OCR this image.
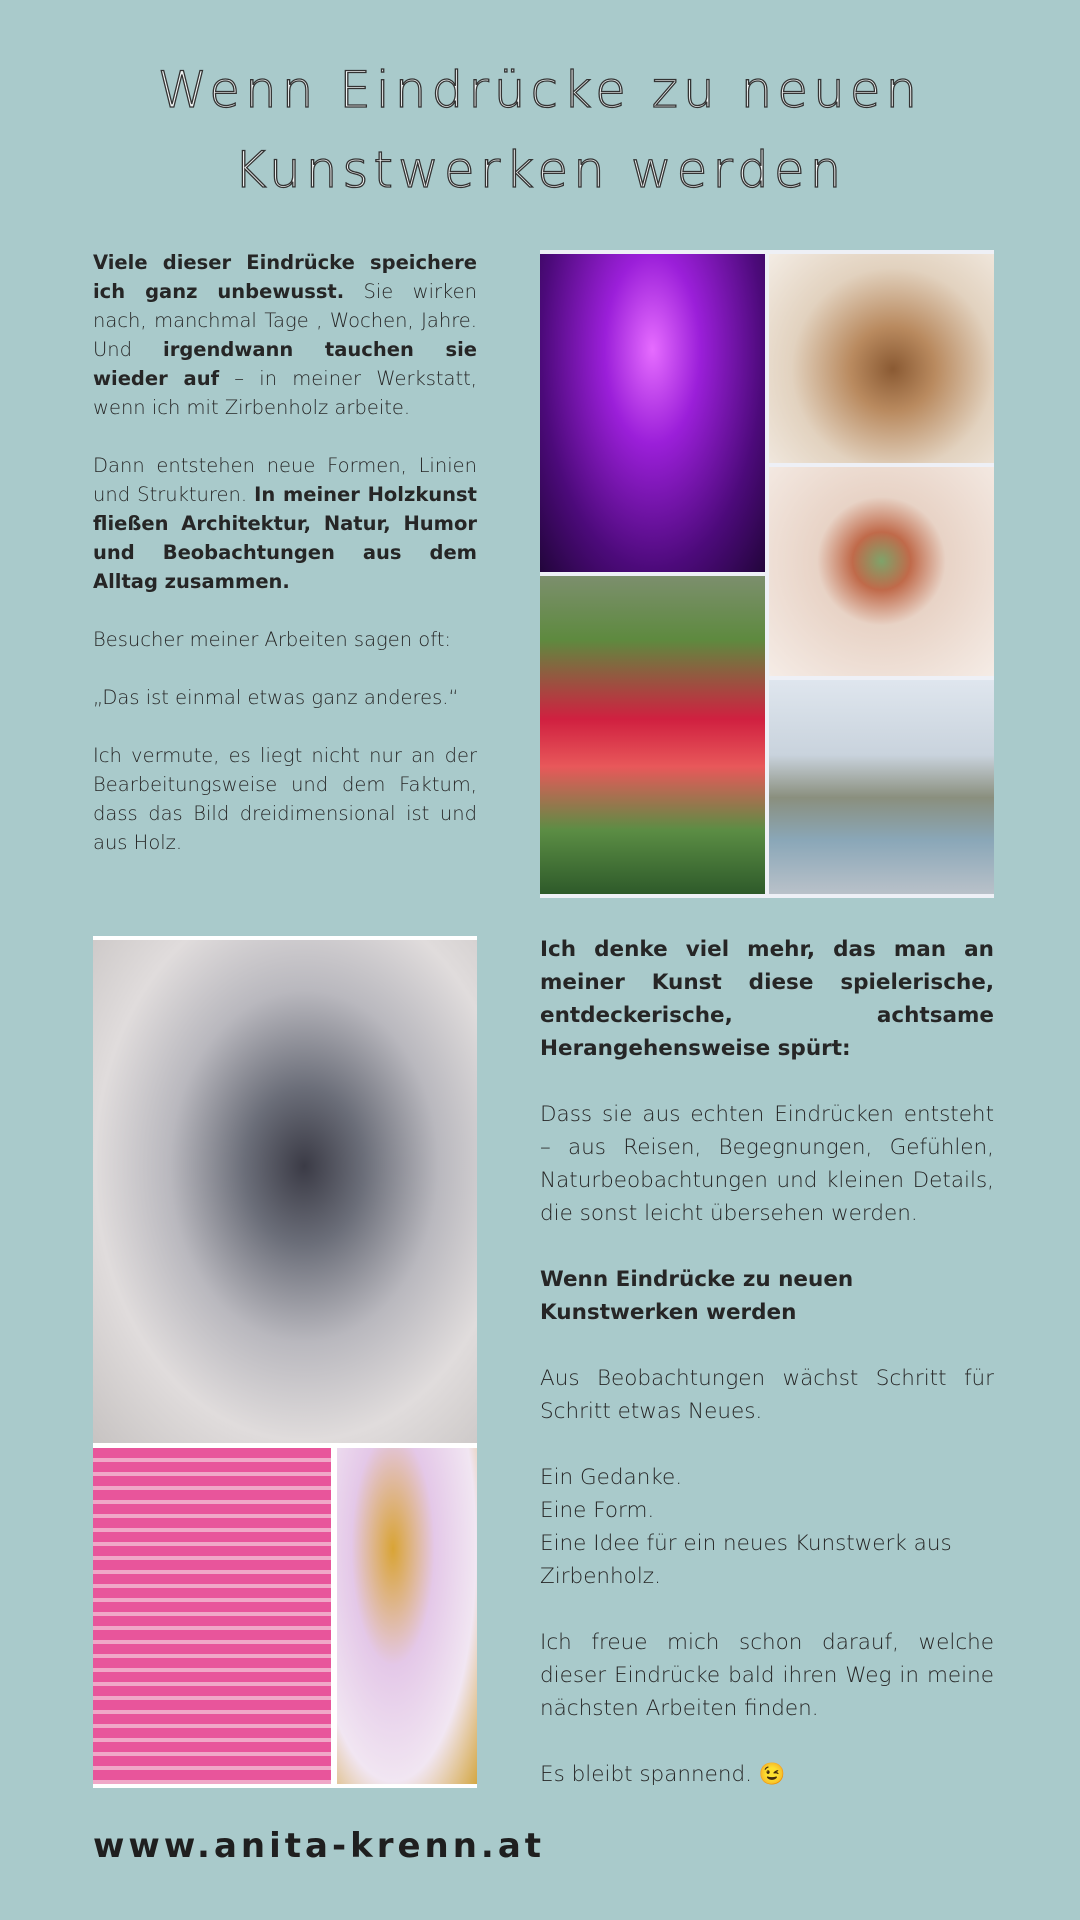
Wenn Eindrücke zu neuen
Kunstwerken werden

Viele dieser Eindrücke speichere ich ganz unbewusst. Sie wirken nach, manchmal Tage , Wochen, Jahre. Und irgendwann tauchen sie wieder auf – in meiner Werkstatt, wenn ich mit Zirbenholz arbeite.

Dann entstehen neue Formen, Linien und Strukturen. In meiner Holzkunst fließen Architektur, Natur, Humor und Beobachtungen aus dem Alltag zusammen.

Besucher meiner Arbeiten sagen oft:

„Das ist einmal etwas ganz anderes.“

Ich vermute, es liegt nicht nur an der Bearbeitungsweise und dem Faktum, dass das Bild dreidimensional ist und aus Holz.

Ich denke viel mehr, das man an meiner Kunst diese spielerische, entdeckerische, achtsame Herangehensweise spürt:

Dass sie aus echten Eindrücken entsteht – aus Reisen, Begegnungen, Gefühlen, Naturbeobachtungen und kleinen Details, die sonst leicht übersehen werden.

Wenn Eindrücke zu neuen Kunstwerken werden

Aus Beobachtungen wächst Schritt für Schritt etwas Neues.

Ein Gedanke.
Eine Form.
Eine Idee für ein neues Kunstwerk aus Zirbenholz.

Ich freue mich schon darauf, welche dieser Eindrücke bald ihren Weg in meine nächsten Arbeiten finden.

Es bleibt spannend. 😉

www.anita-krenn.at
